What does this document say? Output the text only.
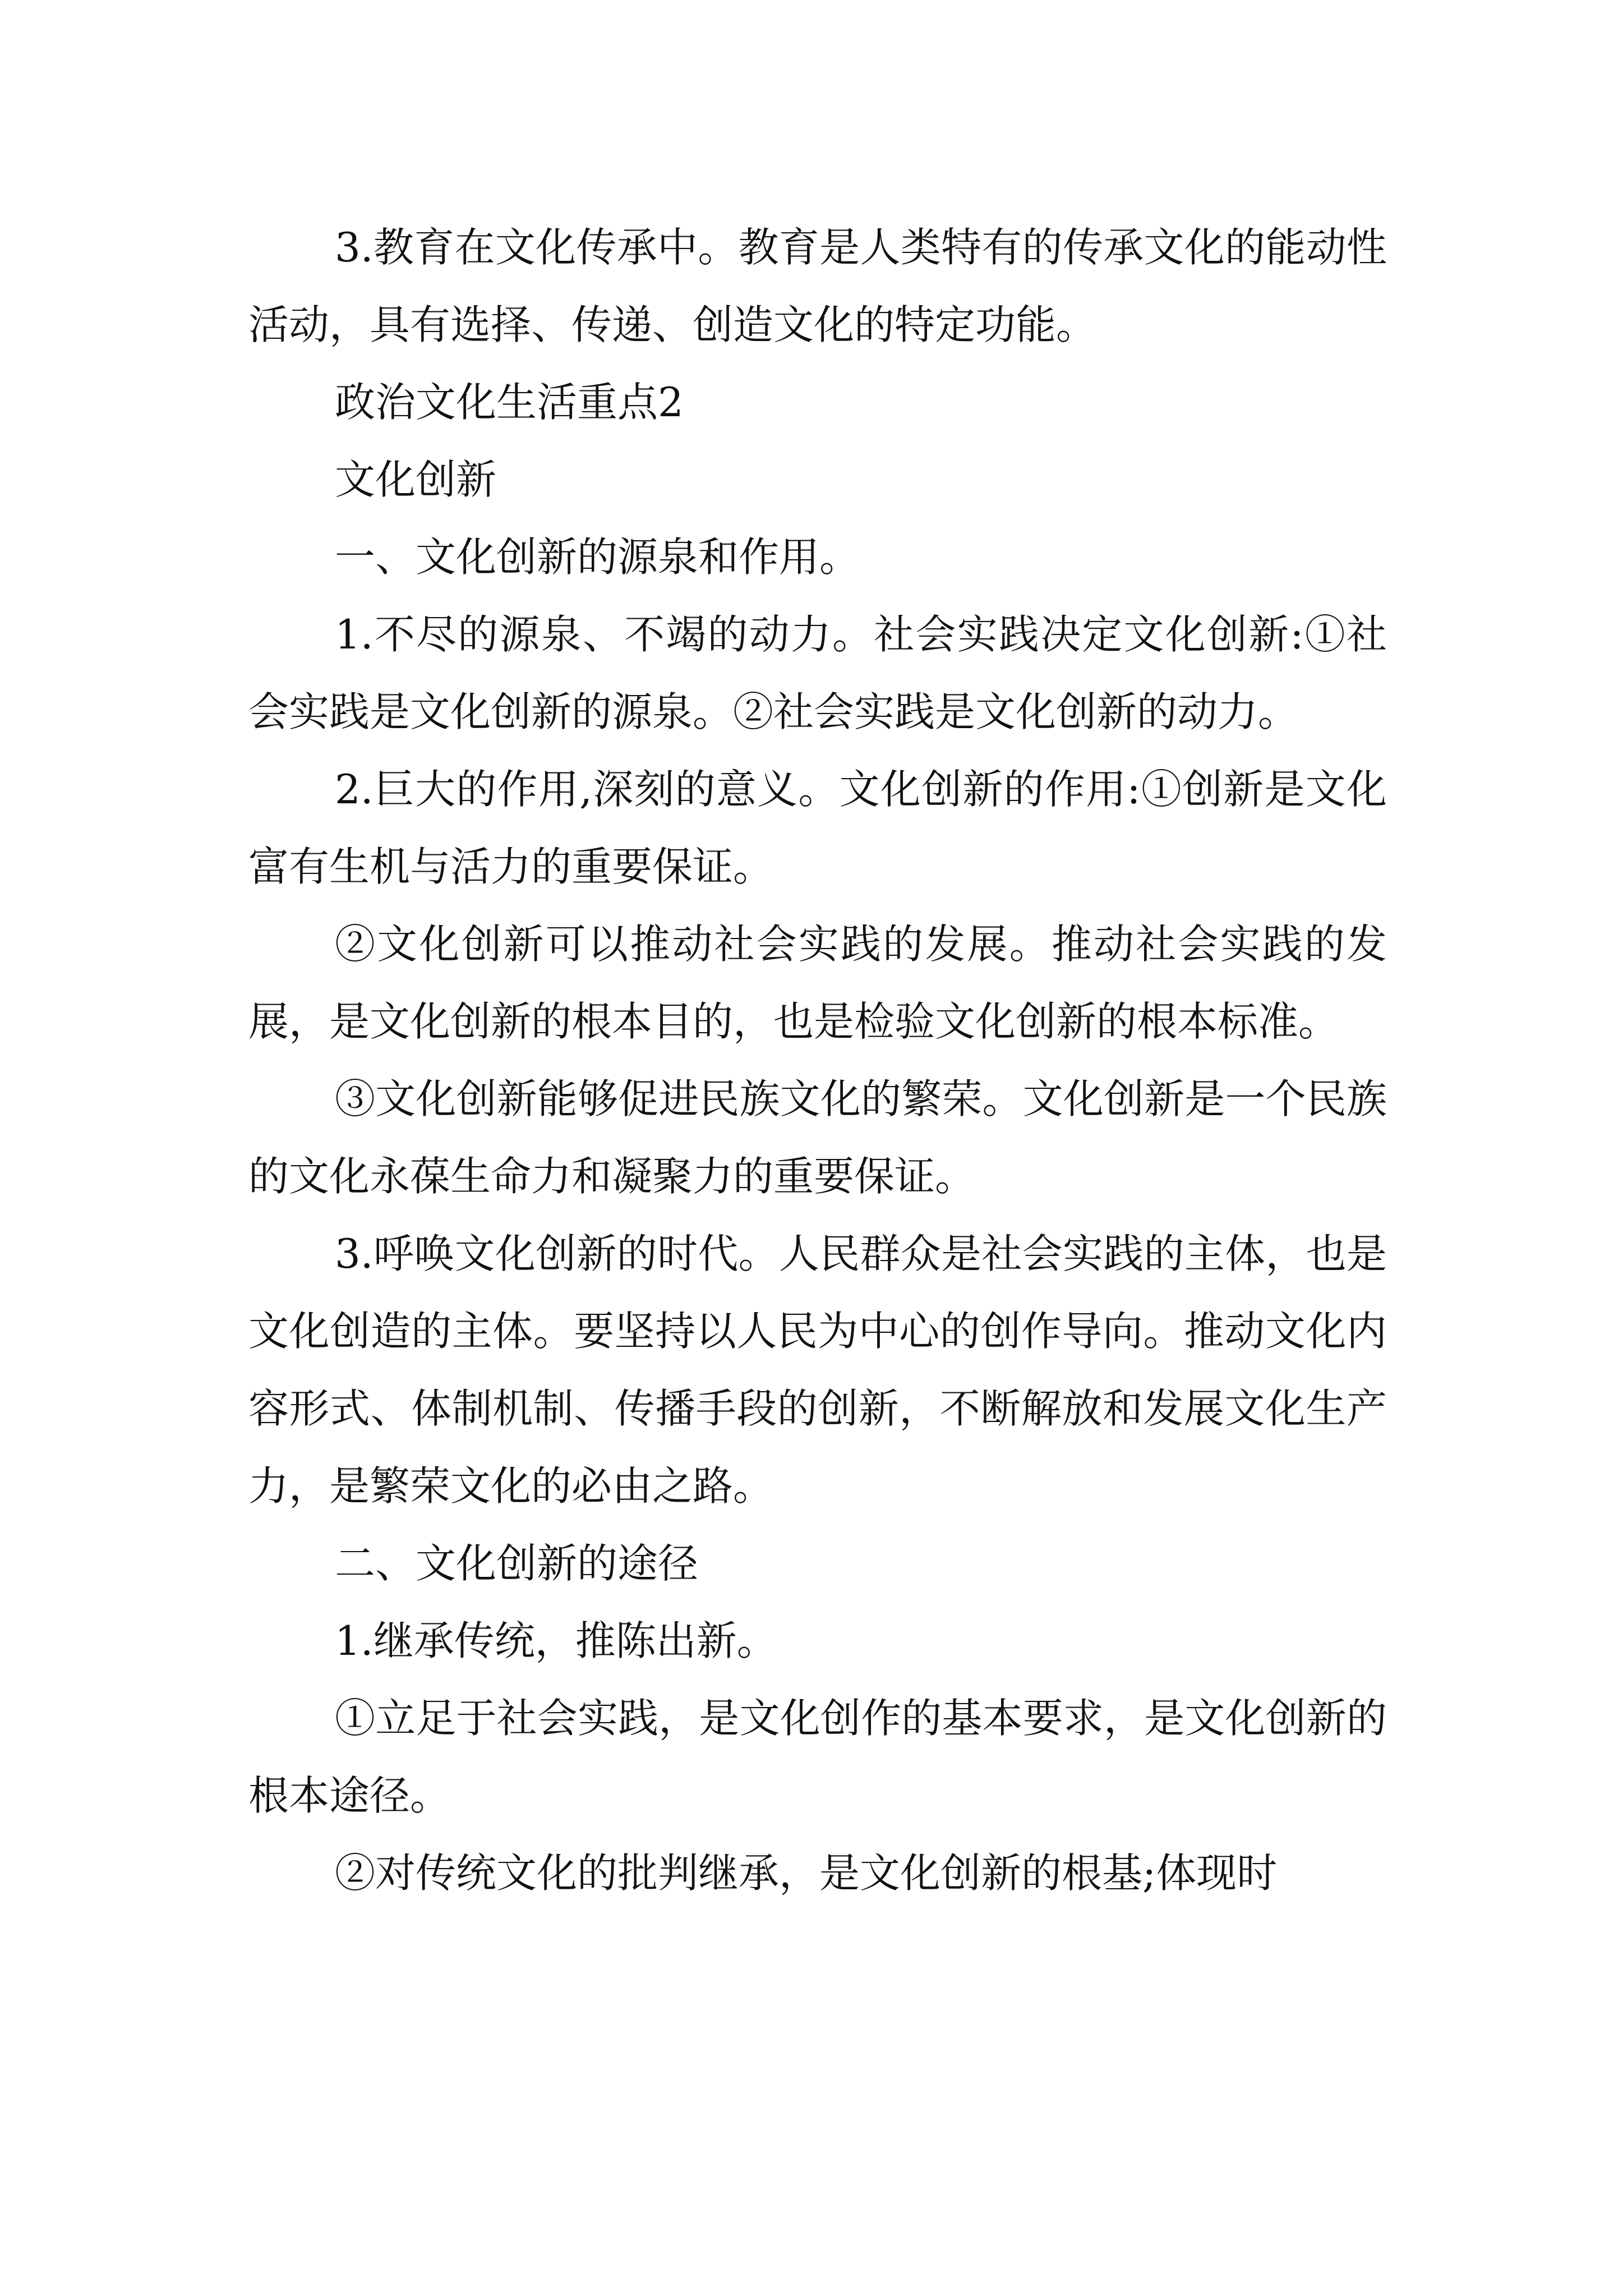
3.教育在文化传承中。教育是人类特有的传承文化的能动性活动，具有选择、传递、创造文化的特定功能。

政治文化生活重点2

文化创新

一、文化创新的源泉和作用。

1.不尽的源泉、不竭的动力。社会实践决定文化创新:①社会实践是文化创新的源泉。②社会实践是文化创新的动力。

2.巨大的作用,深刻的意义。文化创新的作用:①创新是文化富有生机与活力的重要保证。

②文化创新可以推动社会实践的发展。推动社会实践的发展，是文化创新的根本目的，也是检验文化创新的根本标准。

③文化创新能够促进民族文化的繁荣。文化创新是一个民族的文化永葆生命力和凝聚力的重要保证。

3.呼唤文化创新的时代。人民群众是社会实践的主体，也是文化创造的主体。要坚持以人民为中心的创作导向。推动文化内容形式、体制机制、传播手段的创新，不断解放和发展文化生产力，是繁荣文化的必由之路。

二、文化创新的途径

1.继承传统，推陈出新。

①立足于社会实践，是文化创作的基本要求，是文化创新的根本途径。

②对传统文化的批判继承，是文化创新的根基;体现时
